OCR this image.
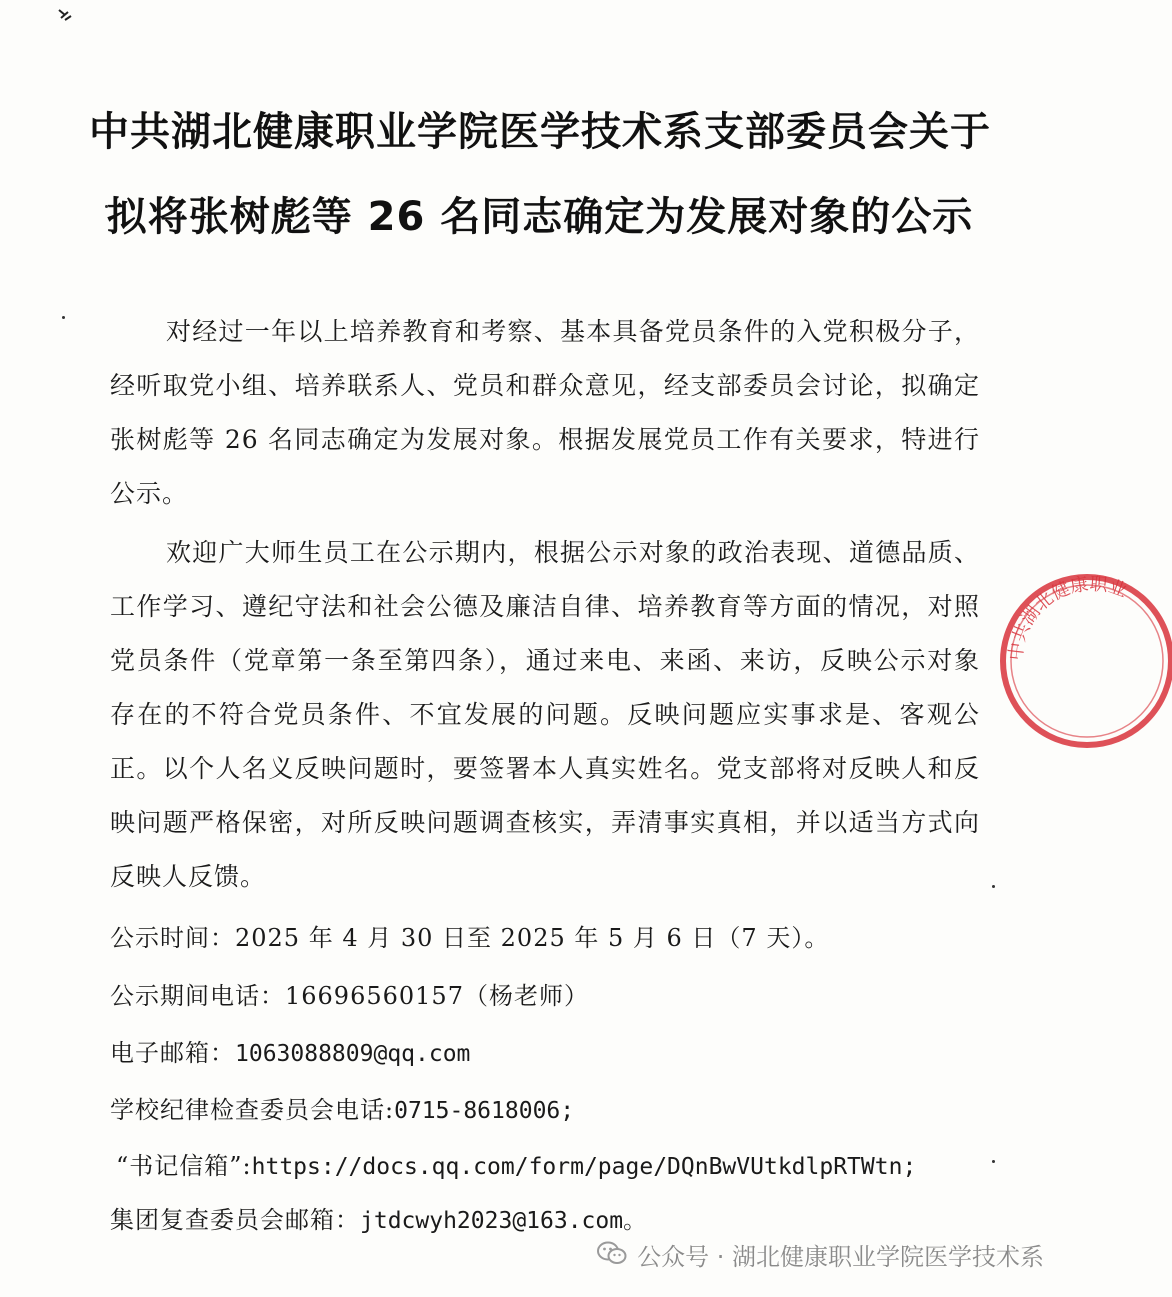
中共湖北健康职业学院医学技术系支部委员会关于
拟将张树彪等 26 名同志确定为发展对象的公示
对经过一年以上培养教育和考察、基本具备党员条件的入党积极分子，经听取党小组、培养联系人、党员和群众意见，经支部委员会讨论，拟确定张树彪等 26 名同志确定为发展对象。根据发展党员工作有关要求，特进行公示。
欢迎广大师生员工在公示期内，根据公示对象的政治表现、道德品质、工作学习、遵纪守法和社会公德及廉洁自律、培养教育等方面的情况，对照党员条件（党章第一条至第四条），通过来电、来函、来访，反映公示对象存在的不符合党员条件、不宜发展的问题。反映问题应实事求是、客观公正。以个人名义反映问题时，要签署本人真实姓名。党支部将对反映人和反映问题严格保密，对所反映问题调查核实，弄清事实真相，并以适当方式向反映人反馈。
公示时间：2025 年 4 月 30 日至 2025 年 5 月 6 日（7 天）。
公示期间电话：16696560157（杨老师）
电子邮箱：1063088809@qq.com
学校纪律检查委员会电话:0715-8618006;
“书记信箱”:https://docs.qq.com/form/page/DQnBwVUtkdlpRTWtn;
集团复查委员会邮箱：jtdcwyh2023@163.com。
中共湖北健康职业
公众号 · 湖北健康职业学院医学技术系
